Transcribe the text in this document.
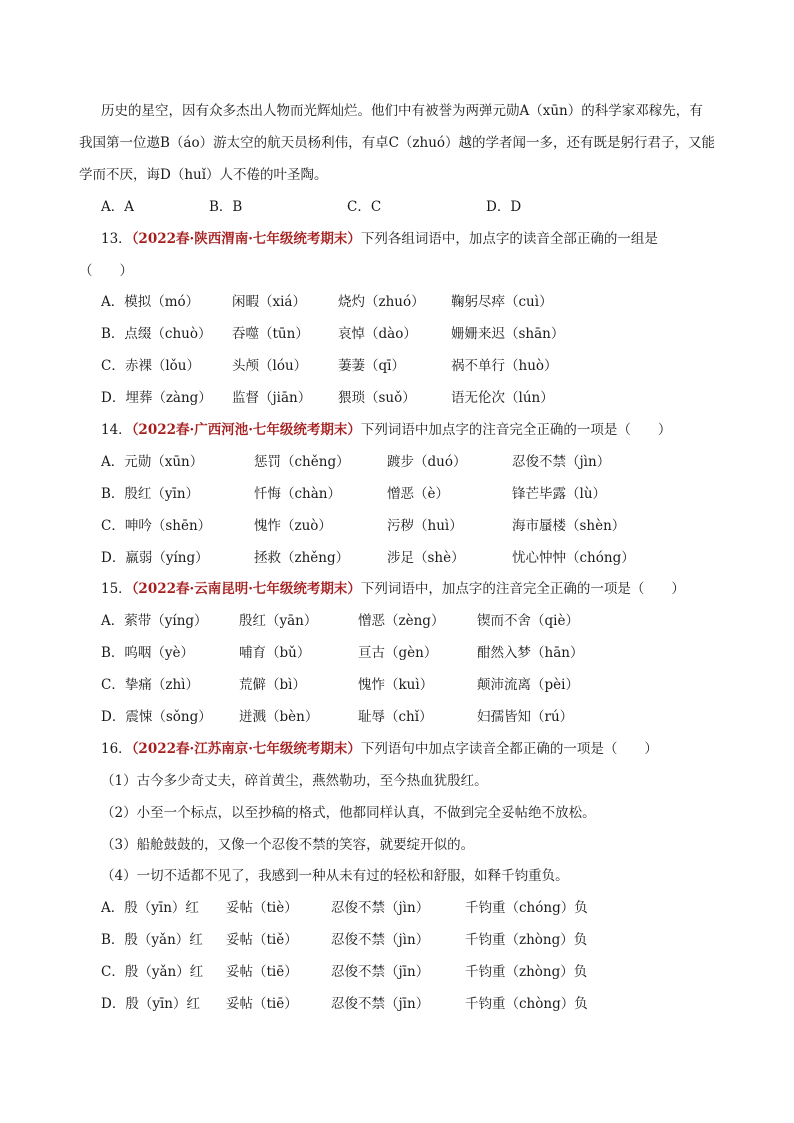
历史的星空，因有众多杰出人物而光辉灿烂。他们中有被誉为两弹元勋A（xūn）的科学家邓稼先，有
我国第一位遨B（áo）游太空的航天员杨利伟，有卓C（zhuó）越的学者闻一多，还有既是躬行君子，又能
学而不厌，诲D（huǐ）人不倦的叶圣陶。
A．A	B．B	C．C	D．D
13．（2022春·陕西渭南·七年级统考期末）下列各组词语中，加点字的读音全部正确的一组是
（　　）
A．模拟（mó） 闲暇（xiá） 烧灼（zhuó） 鞠躬尽瘁（cuì）
B．点缀（chuò） 吞噬（tūn） 哀悼（dào）	姗姗来迟（shān）
C．赤裸（lǒu） 头颅（lóu） 萋萋（qī）	祸不单行（huò）
D．埋葬（zàng） 监督（jiān） 猥琐（suǒ）	语无伦次（lún）
14．（2022春·广西河池·七年级统考期末）下列词语中加点字的注音完全正确的一项是（　　）
A．元勋（xūn）	惩罚（chěng）	踱步（duó）	忍俊不禁（jìn）
B．殷红（yīn）	忏悔（chàn）	憎恶（è）	锋芒毕露（lù）
C．呻吟（shēn）	愧怍（zuò）	污秽（huì）	海市蜃楼（shèn）
D．羸弱（yíng）	拯救（zhěng）	涉足（shè）	忧心忡忡（chóng）
15．（2022春·云南昆明·七年级统考期末）下列词语中，加点字的注音完全正确的一项是（　　）
A．萦带（yíng） 殷红（yān）	憎恶（zèng） 锲而不舍（qiè）
B．呜咽（yè）	哺育（bǔ）	亘古（gèn）	酣然入梦（hān）
C．挚痛（zhì）	荒僻（bì）	愧怍（kuì）	颠沛流离（pèi）
D．震悚（sǒng） 迸溅（bèn）	耻辱（chǐ）	妇孺皆知（rú）
16．（2022春·江苏南京·七年级统考期末）下列语句中加点字读音全都正确的一项是（　　）
（1）古今多少奇丈夫，碎首黄尘，燕然勒功，至今热血犹殷红。
（2）小至一个标点，以至抄稿的格式，他都同样认真，不做到完全妥帖绝不放松。
（3）船舱鼓鼓的，又像一个忍俊不禁的笑容，就要绽开似的。
（4）一切不适都不见了，我感到一种从未有过的轻松和舒服，如释千钧重负。
A．殷（yīn）红 妥帖（tiè） 忍俊不禁（jìn）	千钧重（chóng）负
B．殷（yǎn）红 妥帖（tiě） 忍俊不禁（jìn）	千钧重（zhòng）负
C．殷（yǎn）红 妥帖（tiē） 忍俊不禁（jīn）	千钧重（zhòng）负
D．殷（yīn）红 妥帖（tiē） 忍俊不禁（jīn）	千钧重（chòng）负
